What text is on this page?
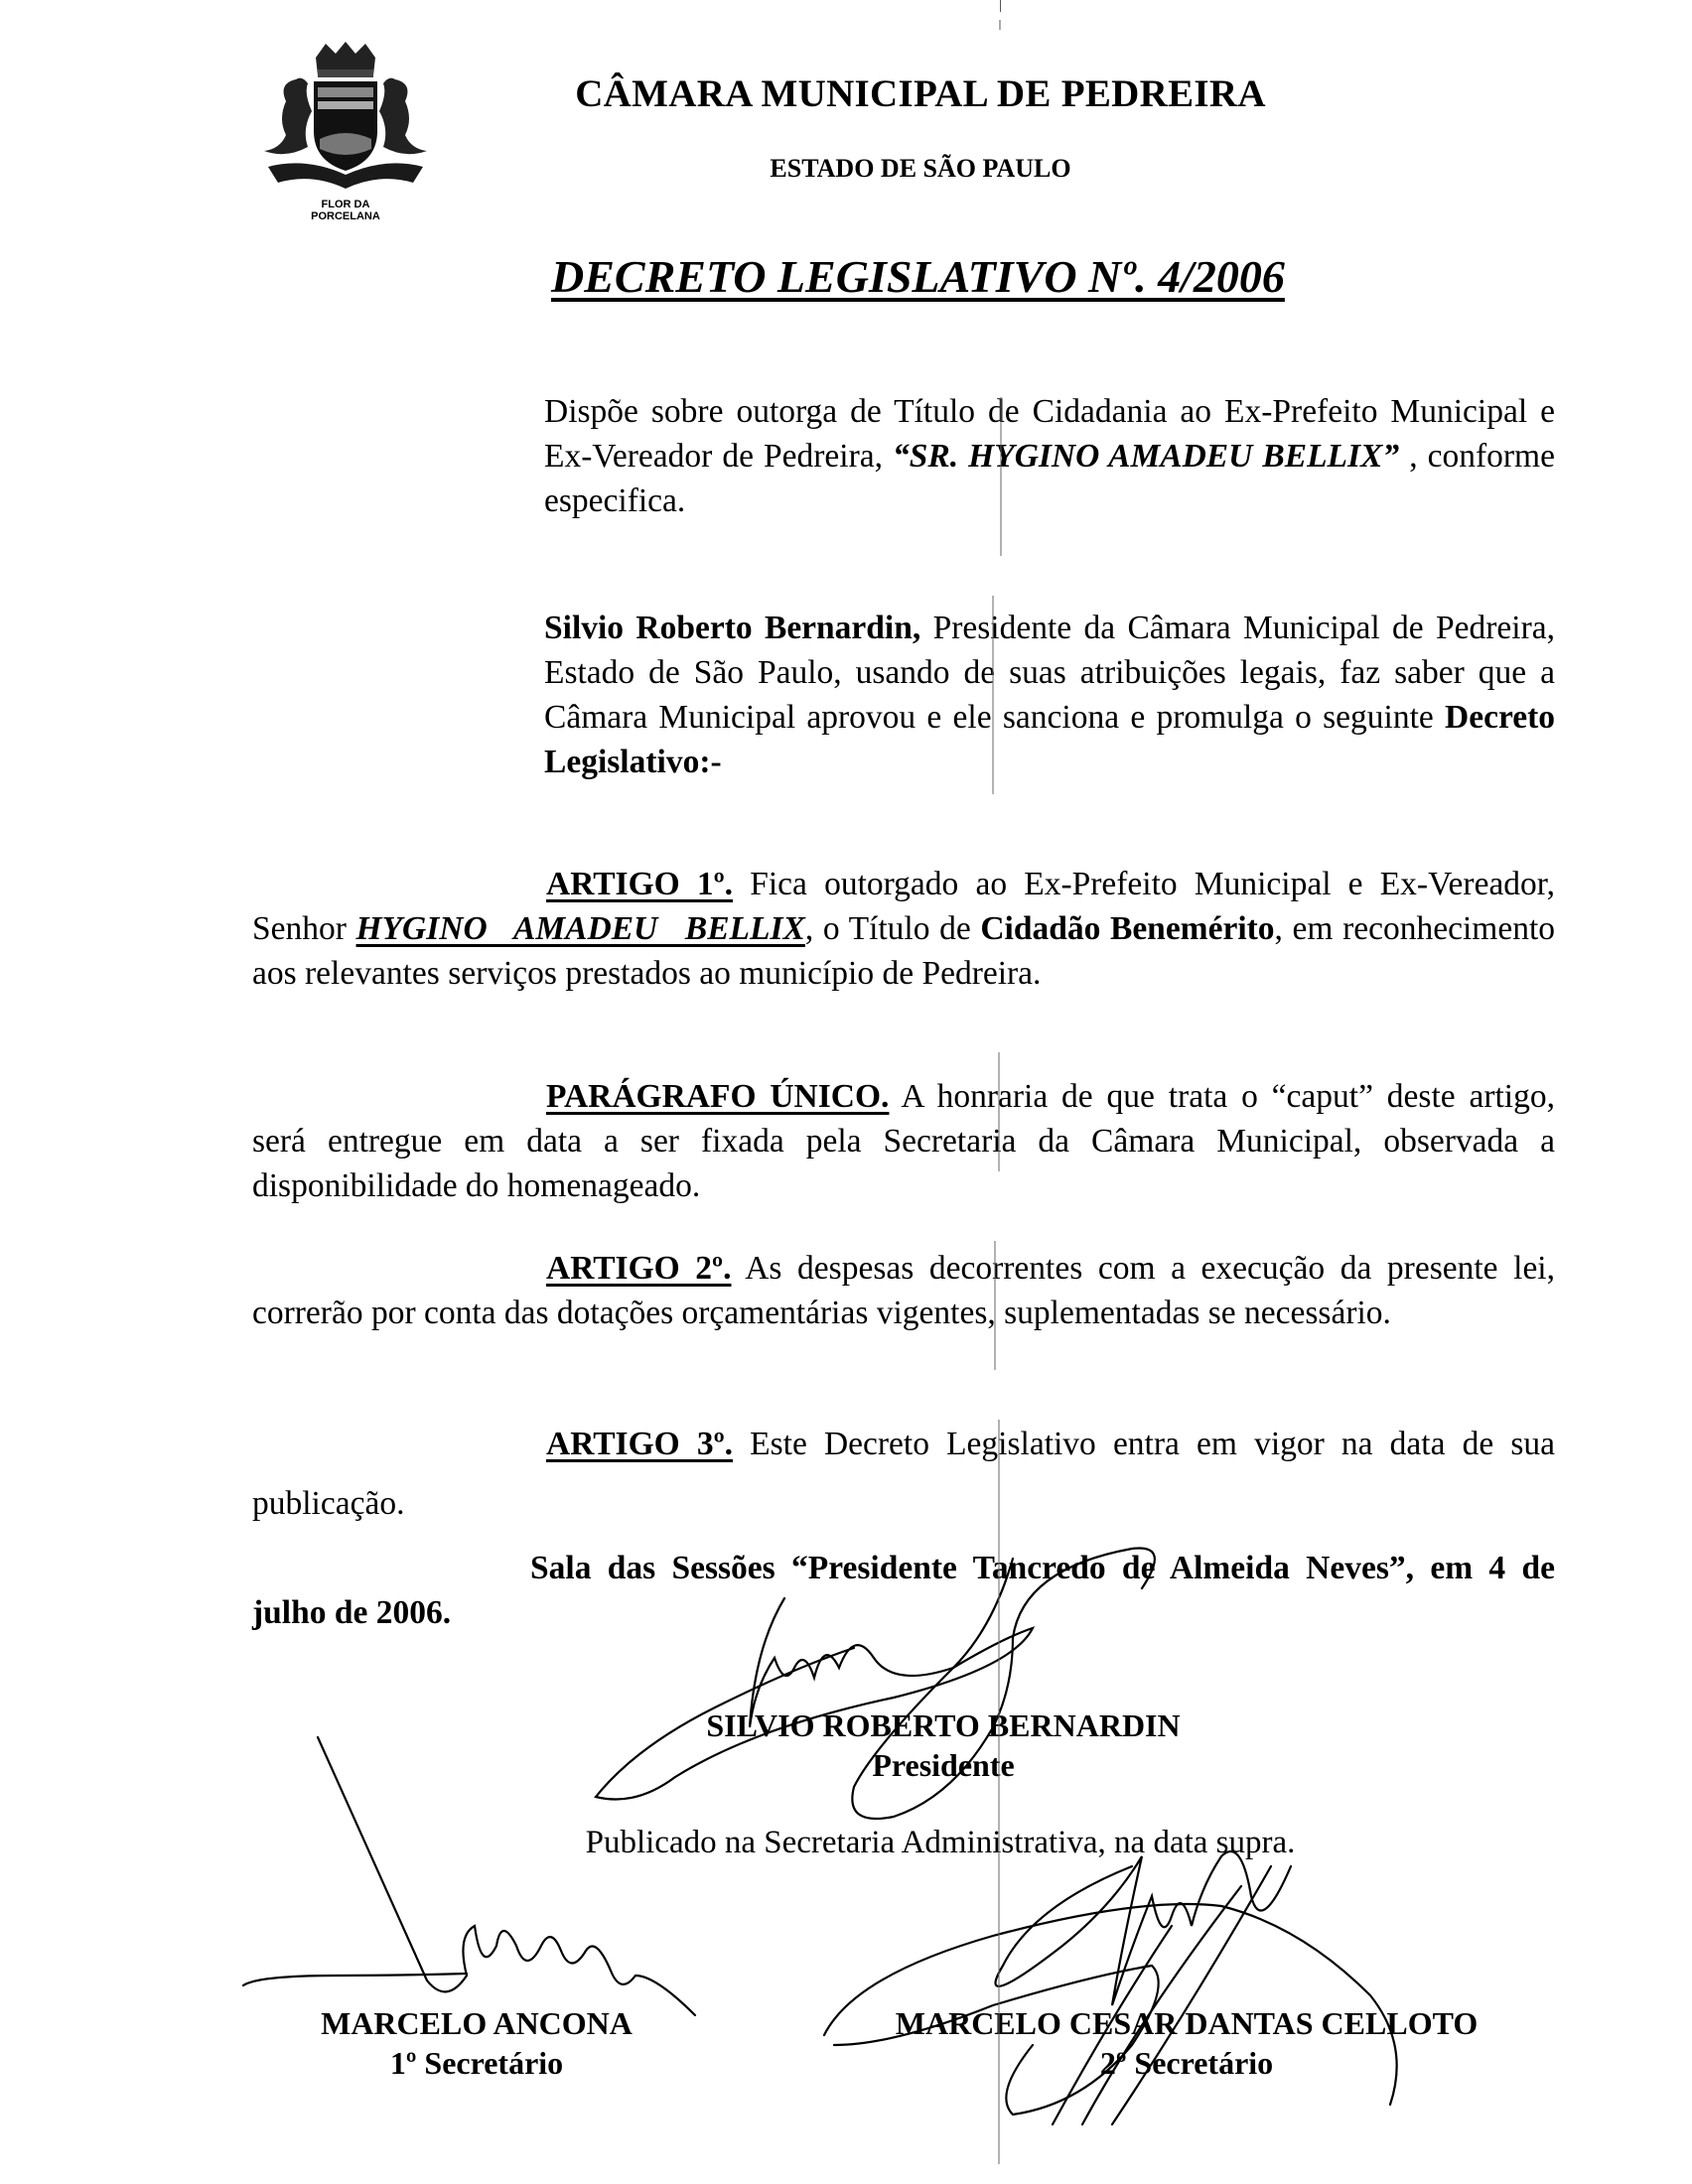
FLOR DA
PORCELANA
CÂMARA MUNICIPAL DE PEDREIRA
ESTADO DE SÃO PAULO
DECRETO LEGISLATIVO Nº. 4/2006
Dispõe sobre outorga de Título de Cidadania ao Ex-Prefeito Municipal e Ex-Vereador de Pedreira, “SR. HYGINO AMADEU BELLIX” , conforme especifica.
Silvio Roberto Bernardin, Presidente da Câmara Municipal de Pedreira, Estado de São Paulo, usando de suas atribuições legais, faz saber que a Câmara Municipal aprovou e ele sanciona e promulga o seguinte Decreto Legislativo:-
ARTIGO 1º. Fica outorgado ao Ex-Prefeito Municipal e Ex-Vereador, Senhor HYGINO AMADEU BELLIX, o Título de Cidadão Benemérito, em reconhecimento aos relevantes serviços prestados ao município de Pedreira.
PARÁGRAFO ÚNICO. A honraria de que trata o “caput” deste artigo, será entregue em data a ser fixada pela Secretaria da Câmara Municipal, observada a disponibilidade do homenageado.
ARTIGO 2º. As despesas decorrentes com a execução da presente lei, correrão por conta das dotações orçamentárias vigentes, suplementadas se necessário.
ARTIGO 3º. Este Decreto Legislativo entra em vigor na data de sua publicação.
Sala das Sessões “Presidente Tancredo de Almeida Neves”, em 4 de julho de 2006.
SILVIO ROBERTO BERNARDIN
Presidente
Publicado na Secretaria Administrativa, na data supra.
MARCELO ANCONA
1º Secretário
MARCELO CESAR DANTAS CELLOTO
2º Secretário
